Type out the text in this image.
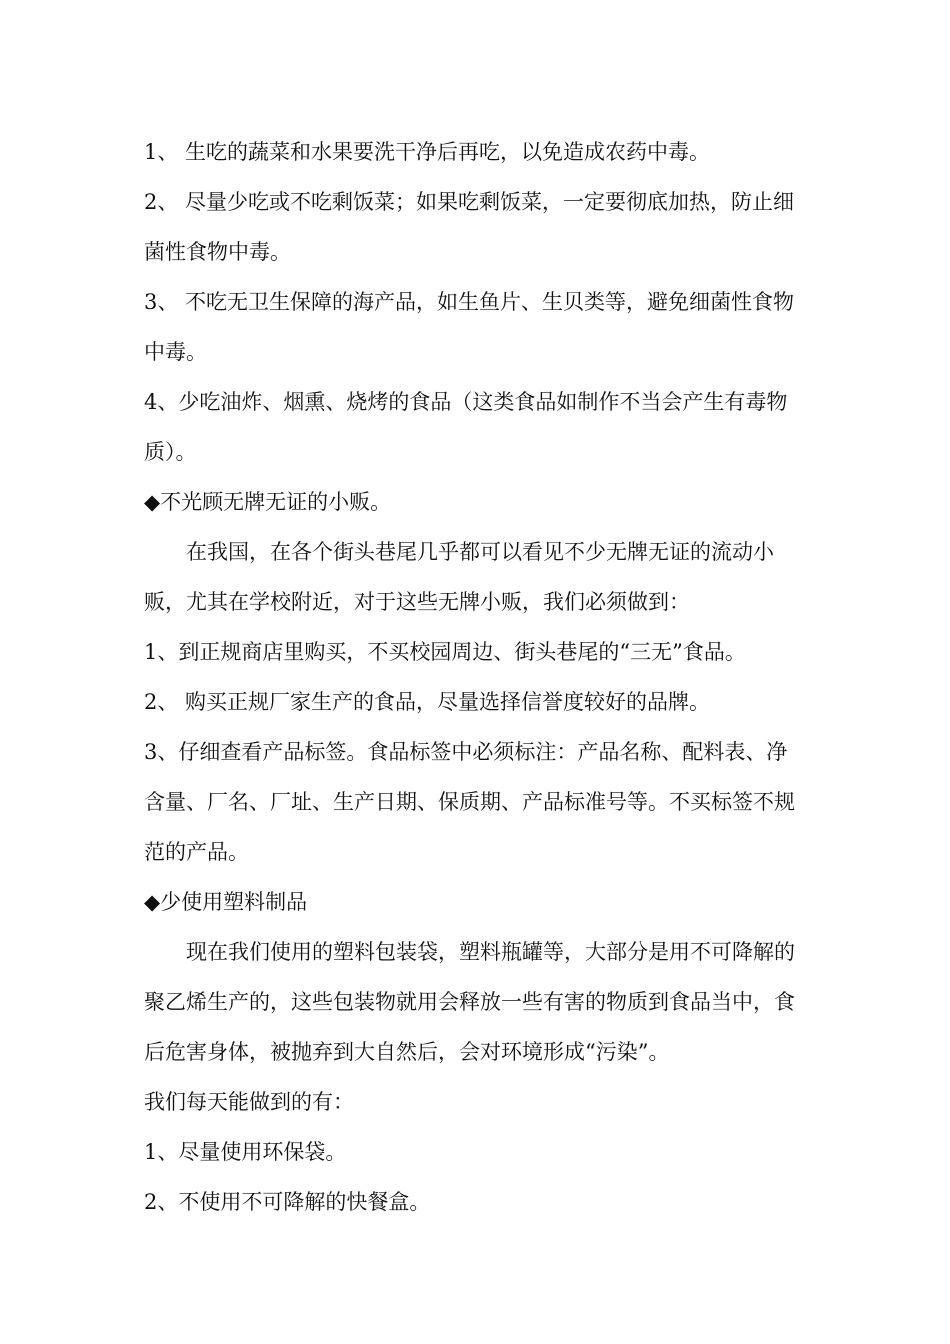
1、 生吃的蔬菜和水果要洗干净后再吃，以免造成农药中毒。

2、 尽量少吃或不吃剩饭菜；如果吃剩饭菜，一定要彻底加热，防止细菌性食物中毒。

3、 不吃无卫生保障的海产品，如生鱼片、生贝类等，避免细菌性食物中毒。

4、少吃油炸、烟熏、烧烤的食品（这类食品如制作不当会产生有毒物质）。

◆不光顾无牌无证的小贩。

在我国，在各个街头巷尾几乎都可以看见不少无牌无证的流动小贩，尤其在学校附近，对于这些无牌小贩，我们必须做到：

1、到正规商店里购买，不买校园周边、街头巷尾的“三无”食品。

2、 购买正规厂家生产的食品，尽量选择信誉度较好的品牌。

3、仔细查看产品标签。食品标签中必须标注：产品名称、配料表、净含量、厂名、厂址、生产日期、保质期、产品标准号等。不买标签不规范的产品。

◆少使用塑料制品

现在我们使用的塑料包装袋，塑料瓶罐等，大部分是用不可降解的聚乙烯生产的，这些包装物就用会释放一些有害的物质到食品当中，食后危害身体，被抛弃到大自然后，会对环境形成“污染”。

我们每天能做到的有：

1、尽量使用环保袋。

2、不使用不可降解的快餐盒。
